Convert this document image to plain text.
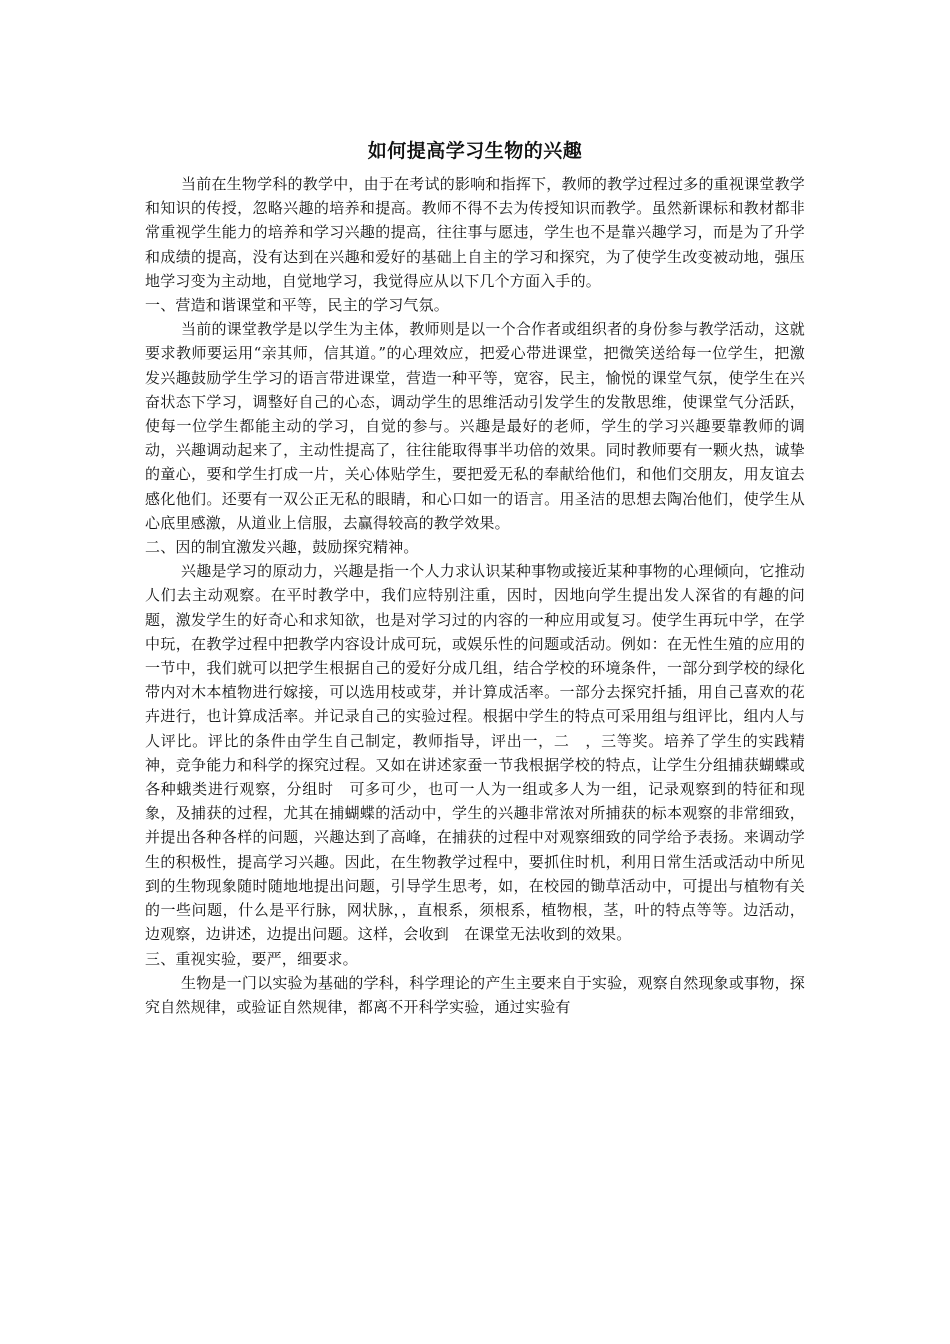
如何提高学习生物的兴趣

当前在生物学科的教学中，由于在考试的影响和指挥下，教师的教学过程过多的重视课堂教学和知识的传授，忽略兴趣的培养和提高。教师不得不去为传授知识而教学。虽然新课标和教材都非常重视学生能力的培养和学习兴趣的提高，往往事与愿违，学生也不是靠兴趣学习，而是为了升学和成绩的提高，没有达到在兴趣和爱好的基础上自主的学习和探究，为了使学生改变被动地，强压地学习变为主动地，自觉地学习，我觉得应从以下几个方面入手的。

一、营造和谐课堂和平等，民主的学习气氛。

当前的课堂教学是以学生为主体，教师则是以一个合作者或组织者的身份参与教学活动，这就要求教师要运用“亲其师，信其道。”的心理效应，把爱心带进课堂，把微笑送给每一位学生，把激发兴趣鼓励学生学习的语言带进课堂，营造一种平等，宽容，民主，愉悦的课堂气氛，使学生在兴奋状态下学习，调整好自己的心态，调动学生的思维活动引发学生的发散思维，使课堂气分活跃，使每一位学生都能主动的学习，自觉的参与。兴趣是最好的老师，学生的学习兴趣要靠教师的调动，兴趣调动起来了，主动性提高了，往往能取得事半功倍的效果。同时教师要有一颗火热，诚挚的童心，要和学生打成一片，关心体贴学生，要把爱无私的奉献给他们，和他们交朋友，用友谊去感化他们。还要有一双公正无私的眼睛，和心口如一的语言。用圣洁的思想去陶冶他们，使学生从心底里感激，从道业上信服，去赢得较高的教学效果。

二、因的制宜激发兴趣，鼓励探究精神。

兴趣是学习的原动力，兴趣是指一个人力求认识某种事物或接近某种事物的心理倾向，它推动人们去主动观察。在平时教学中，我们应特别注重，因时，因地向学生提出发人深省的有趣的问题，激发学生的好奇心和求知欲，也是对学习过的内容的一种应用或复习。使学生再玩中学，在学中玩，在教学过程中把教学内容设计成可玩，或娱乐性的问题或活动。例如：在无性生殖的应用的一节中，我们就可以把学生根据自己的爱好分成几组，结合学校的环境条件，一部分到学校的绿化带内对木本植物进行嫁接，可以选用枝或芽，并计算成活率。一部分去探究扦插，用自己喜欢的花卉进行，也计算成活率。并记录自己的实验过程。根据中学生的特点可采用组与组评比，组内人与人评比。评比的条件由学生自己制定，教师指导，评出一，二　，三等奖。培养了学生的实践精神，竞争能力和科学的探究过程。又如在讲述家蚕一节我根据学校的特点，让学生分组捕获蝴蝶或各种蛾类进行观察，分组时　可多可少，也可一人为一组或多人为一组，记录观察到的特征和现象，及捕获的过程，尤其在捕蝴蝶的活动中，学生的兴趣非常浓对所捕获的标本观察的非常细致，并提出各种各样的问题，兴趣达到了高峰，在捕获的过程中对观察细致的同学给予表扬。来调动学生的积极性，提高学习兴趣。因此，在生物教学过程中，要抓住时机，利用日常生活或活动中所见到的生物现象随时随地地提出问题，引导学生思考，如，在校园的锄草活动中，可提出与植物有关的一些问题，什么是平行脉，网状脉，，直根系，须根系，植物根，茎，叶的特点等等。边活动，边观察，边讲述，边提出问题。这样，会收到　在课堂无法收到的效果。

三、重视实验，要严，细要求。

生物是一门以实验为基础的学科，科学理论的产生主要来自于实验，观察自然现象或事物，探究自然规律，或验证自然规律，都离不开科学实验，通过实验有
